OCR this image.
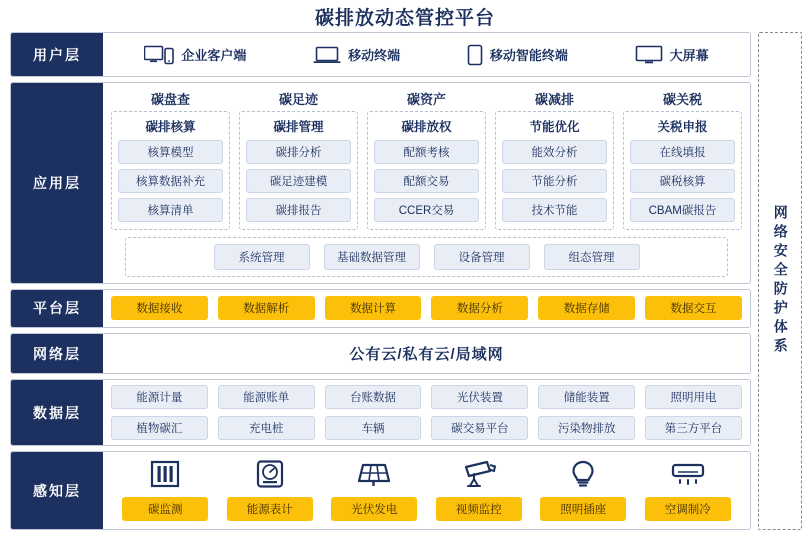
碳排放动态管控平台
用户层	企业客户端	移动终端	移动智能终端	大屏幕
应用层
碳盘查
碳排核算
核算模型
核算数据补充
核算清单
碳足迹
碳排管理
碳排分析
碳足迹建模
碳排报告
碳资产
碳排放权
配额考核
配额交易
CCER交易
碳减排
节能优化
能效分析
节能分析
技术节能
碳关税
关税申报
在线填报
碳税核算
CBAM碳报告
系统管理	基础数据管理	设备管理	组态管理
平台层	数据接收	数据解析	数据计算	数据分析	数据存储	数据交互
网络层	公有云/私有云/局域网
数据层
能源计量	能源账单	台账数据	光伏装置	储能装置	照明用电
植物碳汇	充电桩	车辆	碳交易平台	污染物排放	第三方平台
感知层
碳监测	能源表计	光伏发电	视频监控	照明插座	空调制冷
网络安全防护体系
